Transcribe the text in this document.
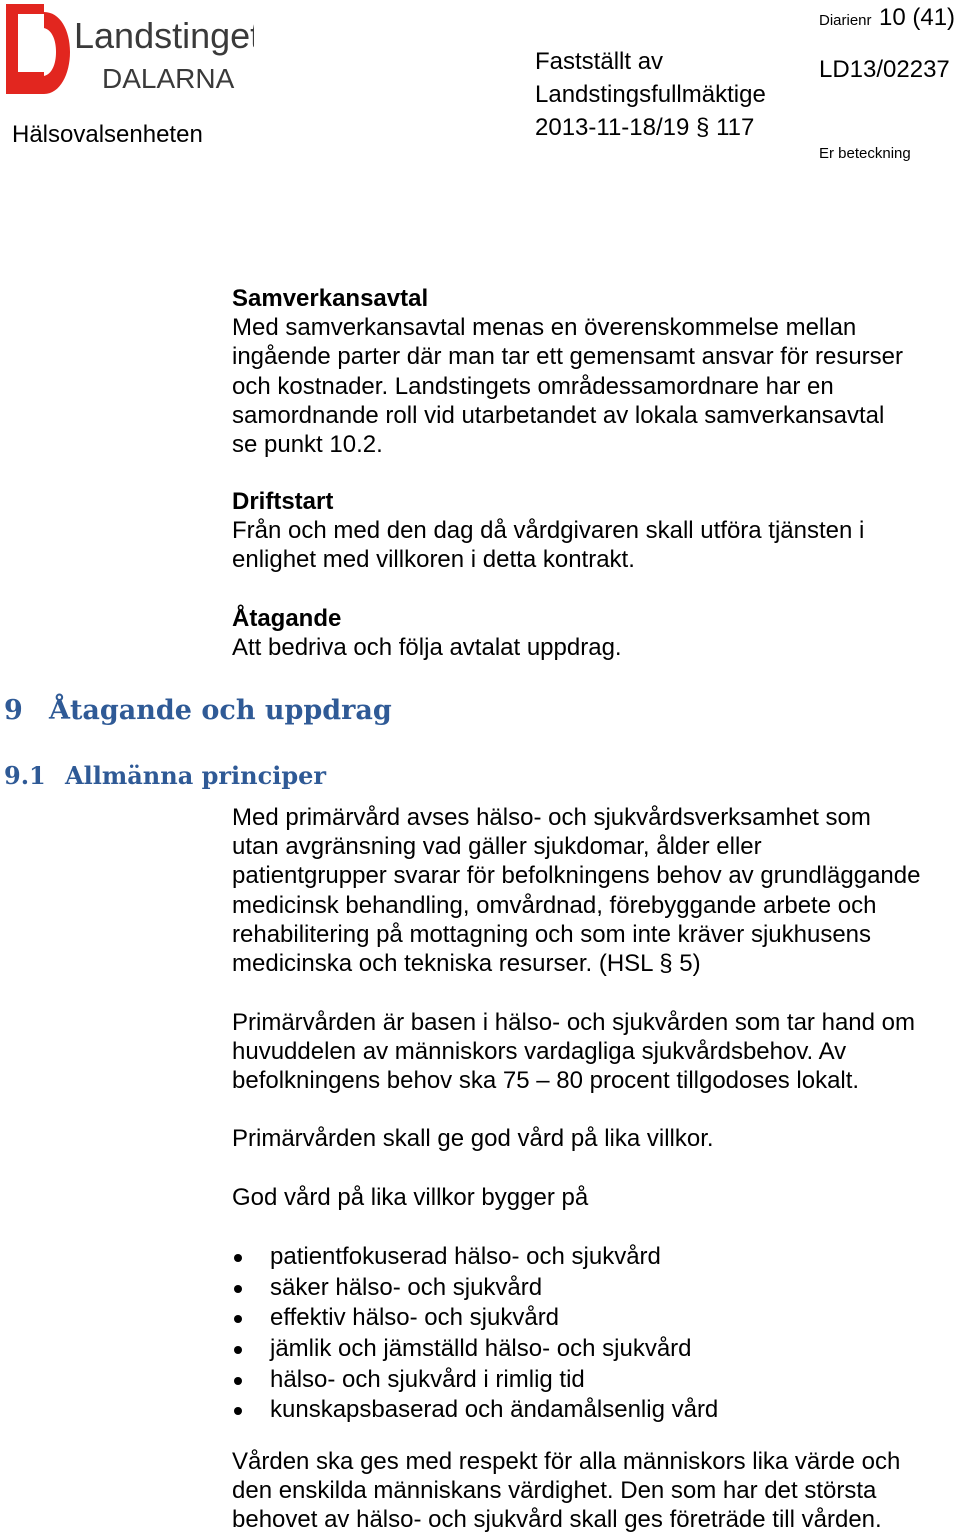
Landstinget
DALARNA
Hälsovalsenheten
Fastställt av
Landstingsfullmäktige
2013-11-18/19 § 117
Diarienr 10 (41)
LD13/02237
Er beteckning

Samverkansavtal

Med samverkansavtal menas en överenskommelse mellan

ingående parter där man tar ett gemensamt ansvar för resurser

och kostnader. Landstingets områdessamordnare har en

samordnande roll vid utarbetandet av lokala samverkansavtal

se punkt 10.2.

Driftstart

Från och med den dag då vårdgivaren skall utföra tjänsten i

enlighet med villkoren i detta kontrakt.

Åtagande

Att bedriva och följa avtalat uppdrag.

9 Åtagande och uppdrag
9.1 Allmänna principer

Med primärvård avses hälso- och sjukvårdsverksamhet som

utan avgränsning vad gäller sjukdomar, ålder eller

patientgrupper svarar för befolkningens behov av grundläggande

medicinsk behandling, omvårdnad, förebyggande arbete och

rehabilitering på mottagning och som inte kräver sjukhusens

medicinska och tekniska resurser. (HSL § 5)

Primärvården är basen i hälso- och sjukvården som tar hand om

huvuddelen av människors vardagliga sjukvårdsbehov. Av

befolkningens behov ska 75 – 80 procent tillgodoses lokalt.

Primärvården skall ge god vård på lika villkor.

God vård på lika villkor bygger på

patientfokuserad hälso- och sjukvård
säker hälso- och sjukvård
effektiv hälso- och sjukvård
jämlik och jämställd hälso- och sjukvård
hälso- och sjukvård i rimlig tid
kunskapsbaserad och ändamålsenlig vård

Vården ska ges med respekt för alla människors lika värde och

den enskilda människans värdighet. Den som har det största

behovet av hälso- och sjukvård skall ges företräde till vården.
